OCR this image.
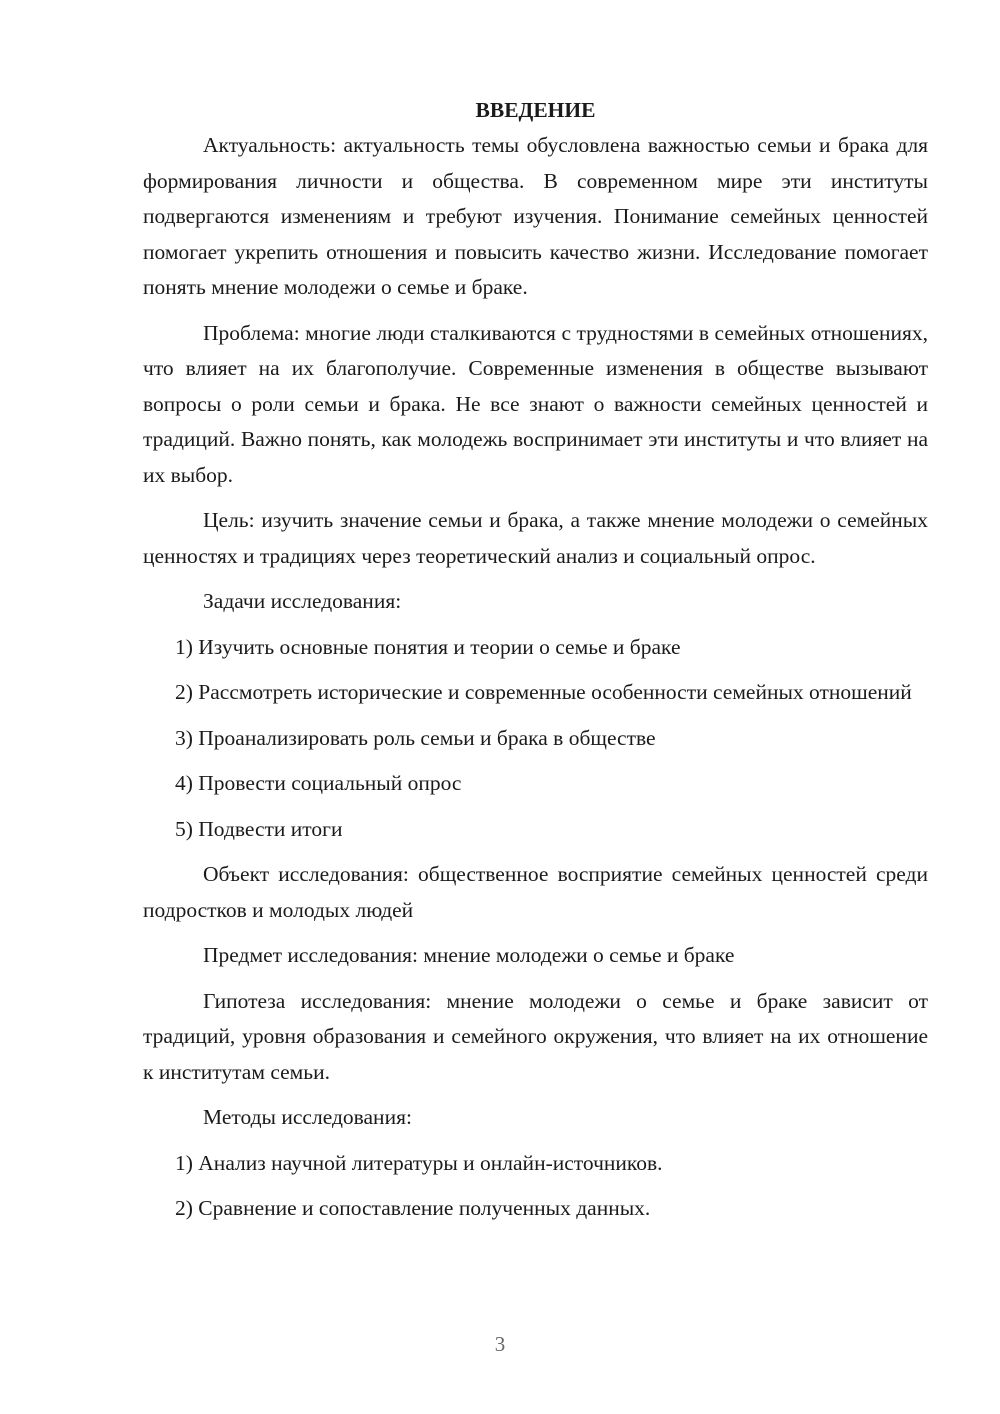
ВВЕДЕНИЕ

Актуальность: актуальность темы обусловлена важностью семьи и брака для формирования личности и общества. В современном мире эти институты подвергаются изменениям и требуют изучения. Понимание семейных ценностей помогает укрепить отношения и повысить качество жизни. Исследование помогает понять мнение молодежи о семье и браке.

Проблема: многие люди сталкиваются с трудностями в семейных отношениях, что влияет на их благополучие. Современные изменения в обществе вызывают вопросы о роли семьи и брака. Не все знают о важности семейных ценностей и традиций. Важно понять, как молодежь воспринимает эти институты и что влияет на их выбор.

Цель: изучить значение семьи и брака, а также мнение молодежи о семейных ценностях и традициях через теоретический анализ и социальный опрос.

Задачи исследования:

1) Изучить основные понятия и теории о семье и браке

2) Рассмотреть исторические и современные особенности семейных отношений

3) Проанализировать роль семьи и брака в обществе

4) Провести социальный опрос

5) Подвести итоги

Объект исследования: общественное восприятие семейных ценностей среди подростков и молодых людей

Предмет исследования: мнение молодежи о семье и браке

Гипотеза исследования: мнение молодежи о семье и браке зависит от традиций, уровня образования и семейного окружения, что влияет на их отношение к институтам семьи.

Методы исследования:

1) Анализ научной литературы и онлайн-источников.

2) Сравнение и сопоставление полученных данных.

3
